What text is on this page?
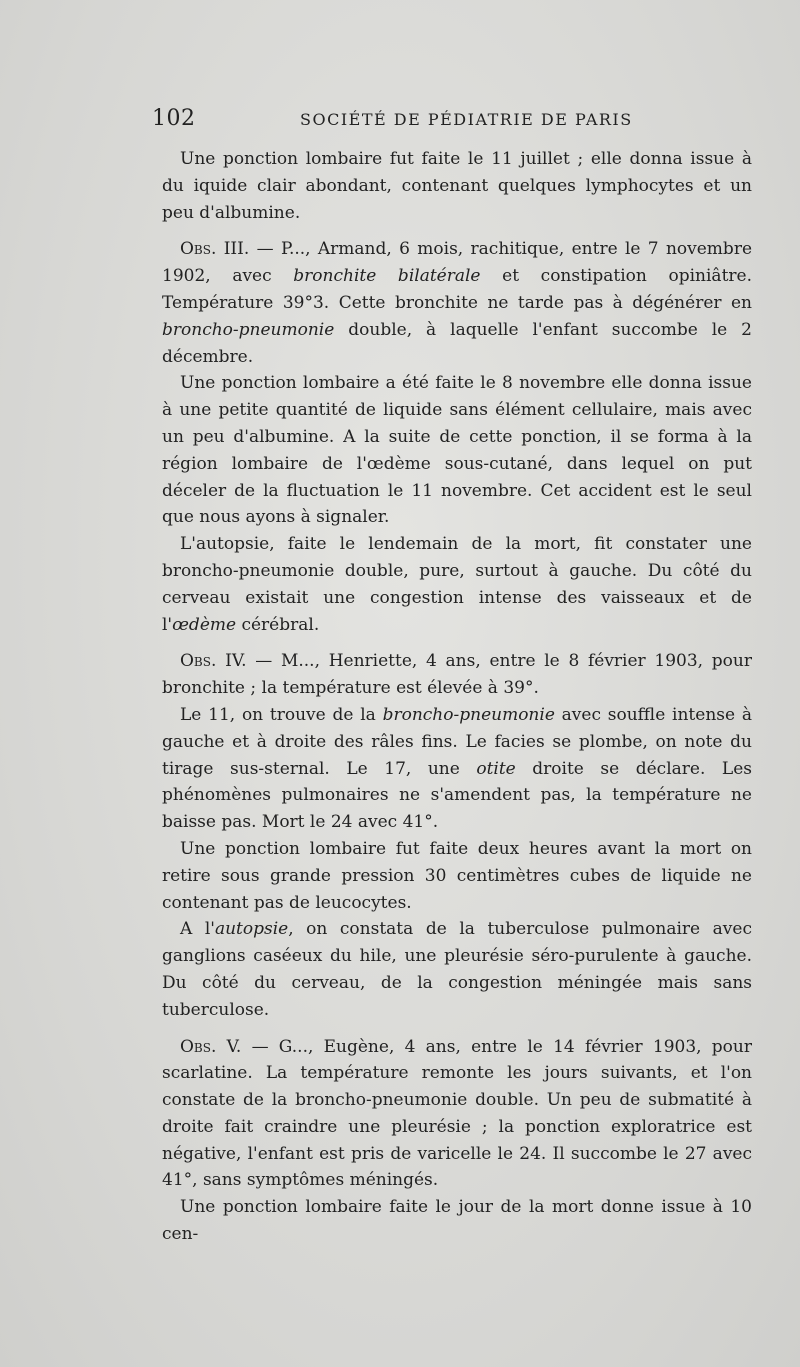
102	SOCIÉTÉ DE PÉDIATRIE DE PARIS

Une ponction lombaire fut faite le 11 juillet ; elle donna issue à du iquide clair abondant, contenant quelques lymphocytes et un peu d'albumine.

Obs. III. — P..., Armand, 6 mois, rachitique, entre le 7 novembre 1902, avec bronchite bilatérale et constipation opiniâtre. Température 39°3. Cette bronchite ne tarde pas à dégénérer en broncho-pneumonie double, à laquelle l'enfant succombe le 2 décembre.

Une ponction lombaire a été faite le 8 novembre elle donna issue à une petite quantité de liquide sans élément cellulaire, mais avec un peu d'albumine. A la suite de cette ponction, il se forma à la région lombaire de l'œdème sous-cutané, dans lequel on put déceler de la fluctuation le 11 novembre. Cet accident est le seul que nous ayons à signaler.

L'autopsie, faite le lendemain de la mort, fit constater une broncho-pneumonie double, pure, surtout à gauche. Du côté du cerveau existait une congestion intense des vaisseaux et de l'œdème cérébral.

Obs. IV. — M..., Henriette, 4 ans, entre le 8 février 1903, pour bronchite ; la température est élevée à 39°.

Le 11, on trouve de la broncho-pneumonie avec souffle intense à gauche et à droite des râles fins. Le facies se plombe, on note du tirage sus-sternal. Le 17, une otite droite se déclare. Les phénomènes pulmonaires ne s'amendent pas, la température ne baisse pas. Mort le 24 avec 41°.

Une ponction lombaire fut faite deux heures avant la mort on retire sous grande pression 30 centimètres cubes de liquide ne contenant pas de leucocytes.

A l'autopsie, on constata de la tuberculose pulmonaire avec ganglions caséeux du hile, une pleurésie séro-purulente à gauche. Du côté du cerveau, de la congestion méningée mais sans tuberculose.

Obs. V. — G..., Eugène, 4 ans, entre le 14 février 1903, pour scarlatine. La température remonte les jours suivants, et l'on constate de la broncho-pneumonie double. Un peu de submatité à droite fait craindre une pleurésie ; la ponction exploratrice est négative, l'enfant est pris de varicelle le 24. Il succombe le 27 avec 41°, sans symptômes méningés.

Une ponction lombaire faite le jour de la mort donne issue à 10 cen-
